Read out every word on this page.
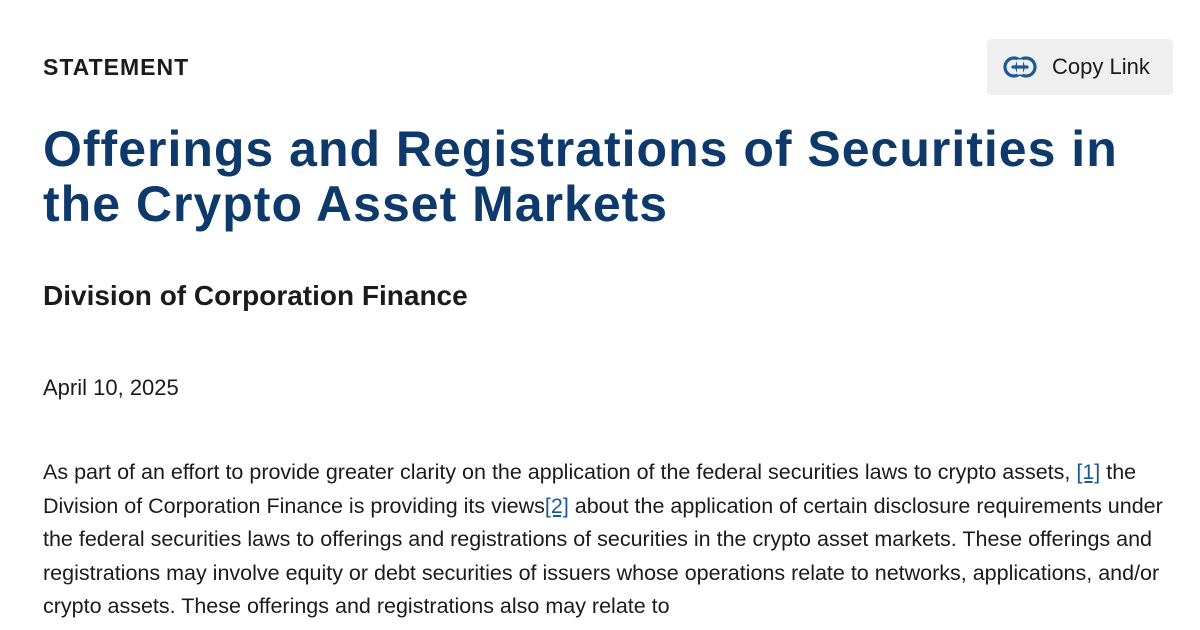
STATEMENT	Copy Link
Offerings and Registrations of Securities in the Crypto Asset Markets
Division of Corporation Finance

April 10, 2025

As part of an effort to provide greater clarity on the application of the federal securities laws to crypto assets, [1] the Division of Corporation Finance is providing its views[2] about the application of certain disclosure requirements under the federal securities laws to offerings and registrations of securities in the crypto asset markets. These offerings and registrations may involve equity or debt securities of issuers whose operations relate to networks, applications, and/or crypto assets. These offerings and registrations also may relate to
